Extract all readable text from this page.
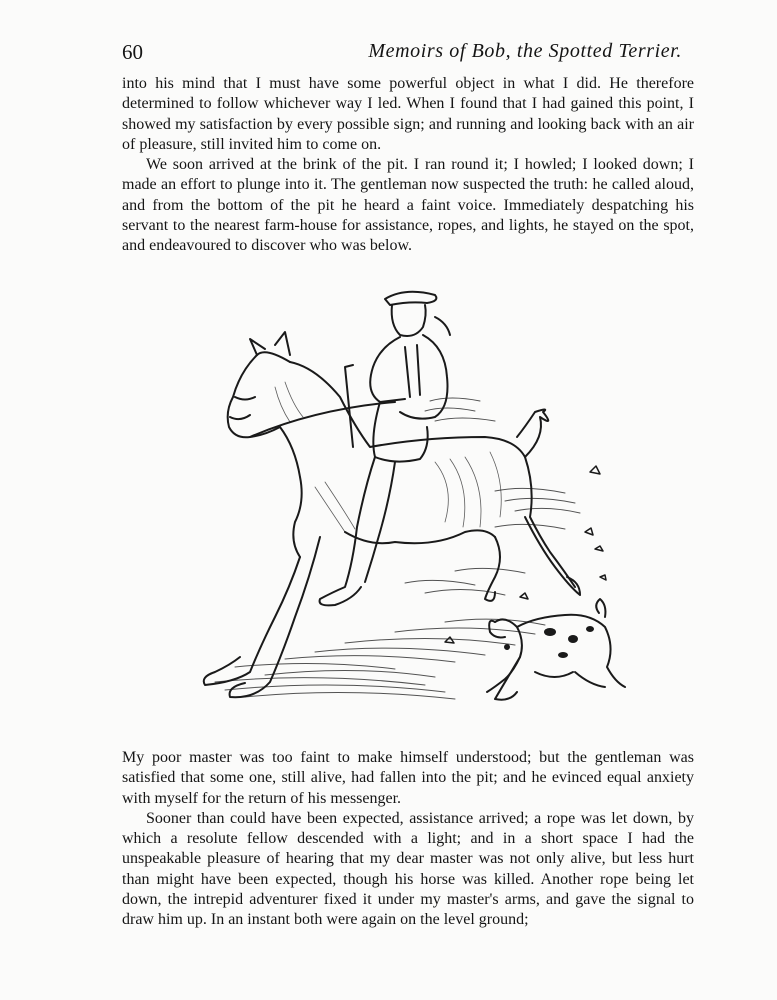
60	Memoirs of Bob, the Spotted Terrier.

into his mind that I must have some powerful object in what I did. He therefore determined to follow whichever way I led. When I found that I had gained this point, I showed my satisfaction by every possible sign; and running and looking back with an air of pleasure, still invited him to come on.

We soon arrived at the brink of the pit. I ran round it; I howled; I looked down; I made an effort to plunge into it. The gentleman now suspected the truth: he called aloud, and from the bottom of the pit he heard a faint voice. Immediately despatching his servant to the nearest farm-house for assistance, ropes, and lights, he stayed on the spot, and endeavoured to discover who was below.

My poor master was too faint to make himself understood; but the gentleman was satisfied that some one, still alive, had fallen into the pit; and he evinced equal anxiety with myself for the return of his messenger.

Sooner than could have been expected, assistance arrived; a rope was let down, by which a resolute fellow descended with a light; and in a short space I had the unspeakable pleasure of hearing that my dear master was not only alive, but less hurt than might have been expected, though his horse was killed. Another rope being let down, the intrepid adventurer fixed it under my master's arms, and gave the signal to draw him up. In an instant both were again on the level ground;
